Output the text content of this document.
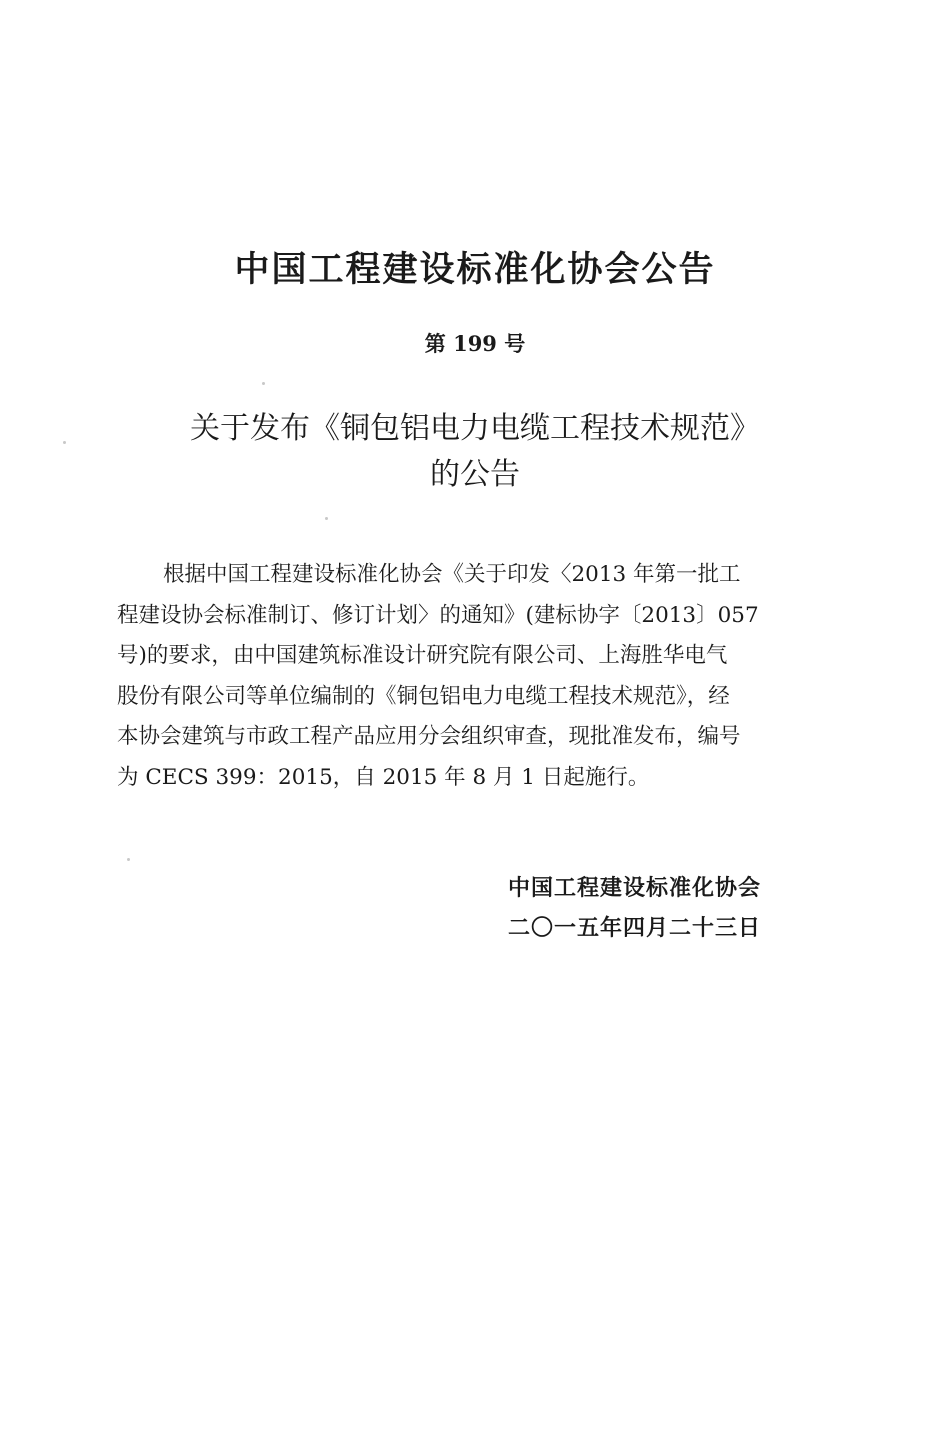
中国工程建设标准化协会公告
第 199 号
关于发布《铜包铝电力电缆工程技术规范》
的公告
根据中国工程建设标准化协会《关于印发〈2013 年第一批工
程建设协会标准制订、修订计划〉的通知》(建标协字〔2013〕057
号)的要求，由中国建筑标准设计研究院有限公司、上海胜华电气
股份有限公司等单位编制的《铜包铝电力电缆工程技术规范》，经
本协会建筑与市政工程产品应用分会组织审查，现批准发布，编号
为 CECS 399：2015，自 2015 年 8 月 1 日起施行。
中国工程建设标准化协会
二〇一五年四月二十三日
